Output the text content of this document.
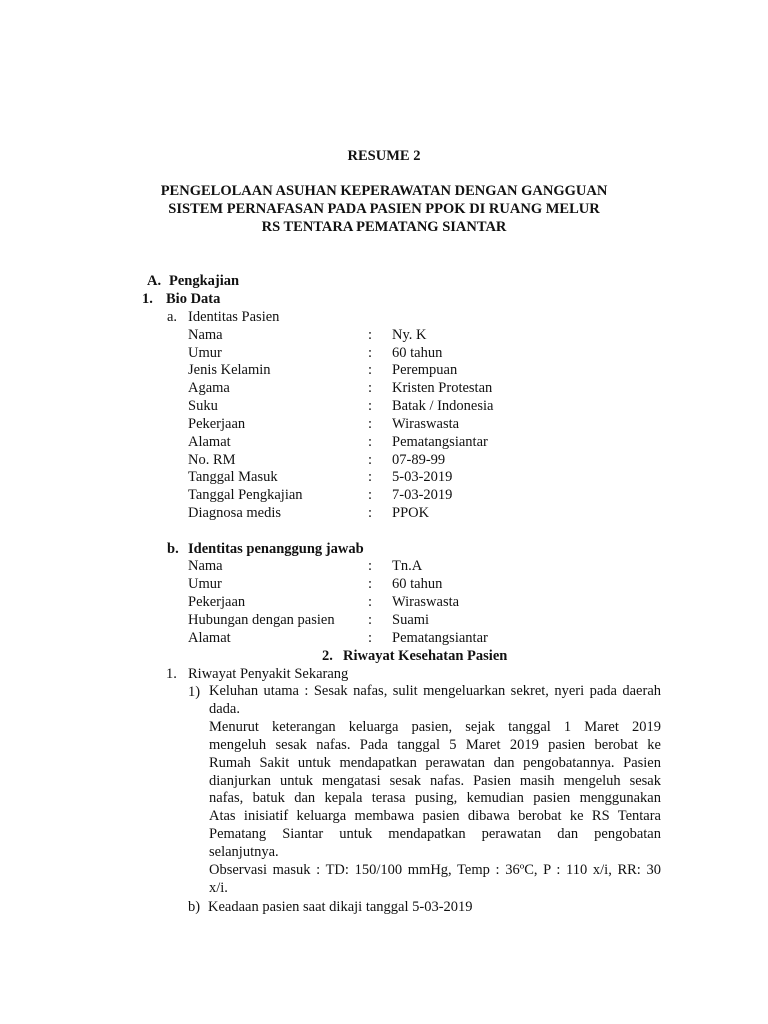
RESUME 2
PENGELOLAAN ASUHAN KEPERAWATAN DENGAN GANGGUAN
SISTEM PERNAFASAN PADA PASIEN PPOK DI RUANG MELUR
RS TENTARA PEMATANG SIANTAR
A. Pengkajian
1. Bio Data
a. Identitas Pasien
Nama	: Ny. K
Umur	: 60 tahun
Jenis Kelamin	: Perempuan
Agama	: Kristen Protestan
Suku	: Batak / Indonesia
Pekerjaan	: Wiraswasta
Alamat	: Pematangsiantar
No. RM	: 07-89-99
Tanggal Masuk	: 5-03-2019
Tanggal Pengkajian	: 7-03-2019
Diagnosa medis	: PPOK
b. Identitas penanggung jawab
Nama	: Tn.A
Umur	: 60 tahun
Pekerjaan	: Wiraswasta
Hubungan dengan pasien : Suami
Alamat	: Pematangsiantar
2. Riwayat Kesehatan Pasien
1. Riwayat Penyakit Sekarang
1) Keluhan utama : Sesak nafas, sulit mengeluarkan sekret, nyeri pada daerah
dada.
Menurut keterangan keluarga pasien, sejak tanggal 1 Maret 2019
mengeluh sesak nafas. Pada tanggal 5 Maret 2019 pasien berobat ke
Rumah Sakit untuk mendapatkan perawatan dan pengobatannya. Pasien
dianjurkan untuk mengatasi sesak nafas. Pasien masih mengeluh sesak
nafas, batuk dan kepala terasa pusing, kemudian pasien menggunakan
Atas inisiatif keluarga membawa pasien dibawa berobat ke RS Tentara
Pematang Siantar untuk mendapatkan perawatan dan pengobatan
selanjutnya.
Observasi masuk : TD: 150/100 mmHg, Temp : 36ºC, P : 110 x/i, RR: 30
x/i.
b) Keadaan pasien saat dikaji tanggal 5-03-2019
